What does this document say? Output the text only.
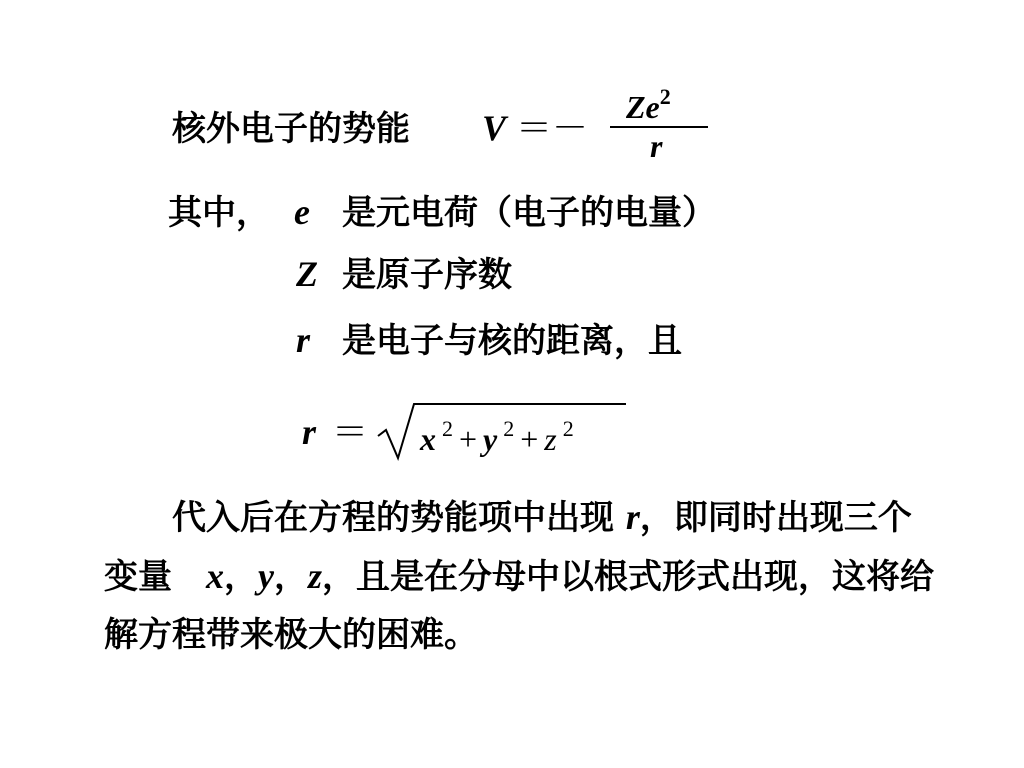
核外电子的势能 V ＝－
$Ze^2$
r
其中， e 是元电荷（电子的电量）
Z 是原子序数
r 是电子与核的距离，且
r ＝ x $^2$ + y $^2$ + z $^2$
　　代入后在方程的势能项中出现 r，即同时出现三个变量　x，y，z，且是在分母中以根式形式出现，这将给解方程带来极大的困难。
